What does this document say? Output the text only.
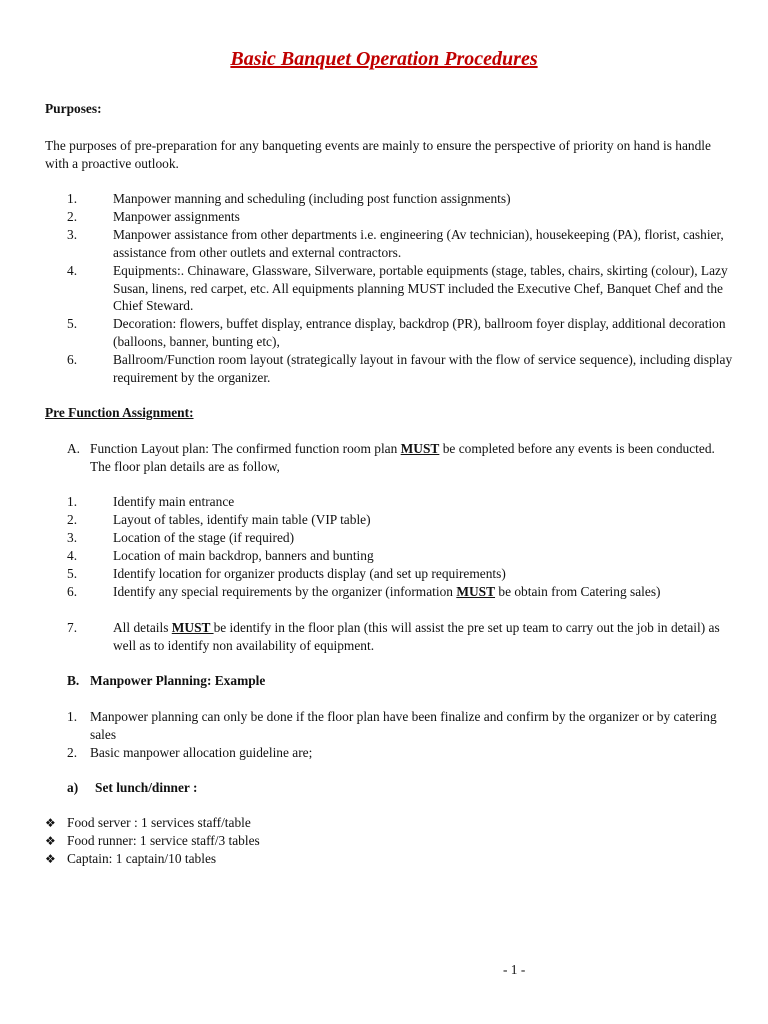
Basic Banquet Operation Procedures
Purposes:
The purposes of pre-preparation for any banqueting events are mainly to ensure the perspective of priority on hand is handle with a proactive outlook.
1.	Manpower manning and scheduling (including post function assignments)
2.	Manpower assignments
3.	Manpower assistance from other departments i.e. engineering (Av technician), housekeeping (PA), florist, cashier, assistance from other outlets and external contractors.
4.	Equipments:. Chinaware, Glassware, Silverware, portable equipments (stage, tables, chairs, skirting (colour), Lazy Susan, linens, red carpet, etc. All equipments planning MUST included the Executive Chef, Banquet Chef and the Chief Steward.
5.	Decoration: flowers, buffet display, entrance display, backdrop (PR), ballroom foyer display, additional decoration (balloons, banner, bunting etc),
6.	Ballroom/Function room layout (strategically layout in favour with the flow of service sequence), including display requirement by the organizer.
Pre Function Assignment:
A. Function Layout plan: The confirmed function room plan MUST be completed before any events is been conducted. The floor plan details are as follow,
1.	Identify main entrance
2.	Layout of tables, identify main table (VIP table)
3.	Location of the stage (if required)
4.	Location of main backdrop, banners and bunting
5.	Identify location for organizer products display (and set up requirements)
6.	Identify any special requirements by the organizer (information MUST be obtain from Catering sales)
7.	All details MUST be identify in the floor plan (this will assist the pre set up team to carry out the job in detail) as well as to identify non availability of equipment.
B. Manpower Planning: Example
1. Manpower planning can only be done if the floor plan have been finalize and confirm by the organizer or by catering sales
2. Basic manpower allocation guideline are;
a) Set lunch/dinner :
❖ Food server : 1 services staff/table
❖ Food runner: 1 service staff/3 tables
❖ Captain: 1 captain/10 tables
- 1 -
